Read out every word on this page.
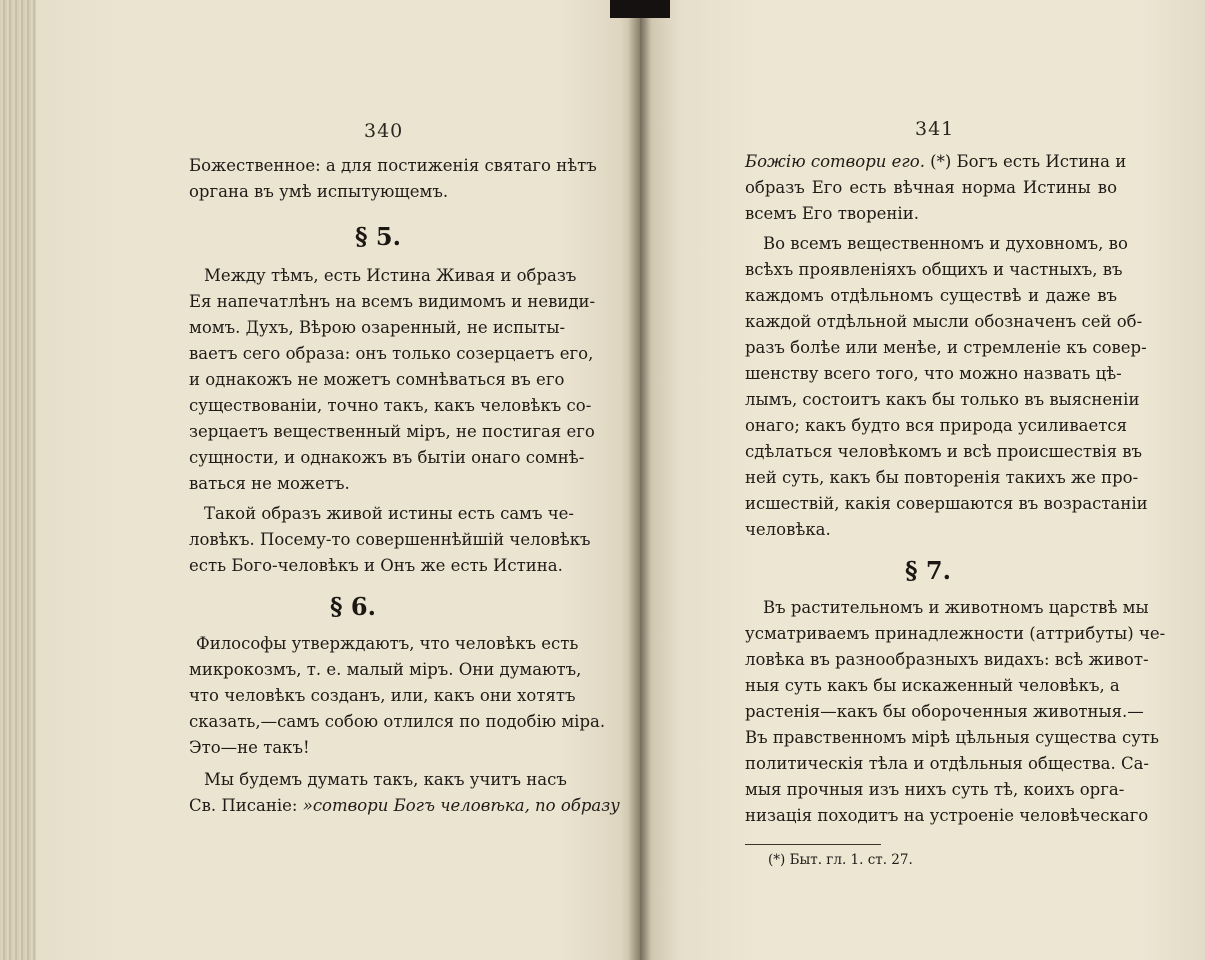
340
Божественное: а для постиженія святаго нѣтъ
органа въ умѣ испытующемъ.
§ 5.
Между тѣмъ, есть Истина Живая и образъ
Ея напечатлѣнъ на всемъ видимомъ и невиди-
момъ. Духъ, Вѣрою озаренный, не испыты-
ваетъ сего образа: онъ только созерцаетъ его,
и однакожъ не можетъ сомнѣваться въ его
существованіи, точно такъ, какъ человѣкъ со-
зерцаетъ вещественный міръ, не постигая его
сущности, и однакожъ въ бытіи онаго сомнѣ-
ваться не можетъ.
Такой образъ живой истины есть самъ че-
ловѣкъ. Посему-то совершеннѣйшій человѣкъ
есть Бого-человѣкъ и Онъ же есть Истина.
§ 6.
Философы утверждаютъ, что человѣкъ есть
микрокозмъ, т. е. малый міръ. Они думаютъ,
что человѣкъ созданъ, или, какъ они хотятъ
сказать,—самъ собою отлился по подобію міра.
Это—не такъ!
Мы будемъ думать такъ, какъ учитъ насъ
Св. Писаніе: »сотвори Богъ человѣка, по образу
341
Божію сотвори его. (*) Богъ есть Истина и
образъ Его есть вѣчная норма Истины во
всемъ Его твореніи.
Во всемъ вещественномъ и духовномъ, во
всѣхъ проявленіяхъ общихъ и частныхъ, въ
каждомъ отдѣльномъ существѣ и даже въ
каждой отдѣльной мысли обозначенъ сей об-
разъ болѣе или менѣе, и стремленіе къ совер-
шенству всего того, что можно назвать цѣ-
лымъ, состоитъ какъ бы только въ выясненіи
онаго; какъ будто вся природа усиливается
сдѣлаться человѣкомъ и всѣ происшествія въ
ней суть, какъ бы повторенія такихъ же про-
исшествій, какія совершаются въ возрастаніи
человѣка.
§ 7.
Въ растительномъ и животномъ царствѣ мы
усматриваемъ принадлежности (аттрибуты) че-
ловѣка въ разнообразныхъ видахъ: всѣ живот-
ныя суть какъ бы искаженный человѣкъ, а
растенія—какъ бы обороченныя животныя.—
Въ правственномъ мірѣ цѣльныя существа суть
политическія тѣла и отдѣльныя общества. Са-
мыя прочныя изъ нихъ суть тѣ, коихъ орга-
низація походитъ на устроеніе человѣческаго
(*) Быт. гл. 1. ст. 27.
